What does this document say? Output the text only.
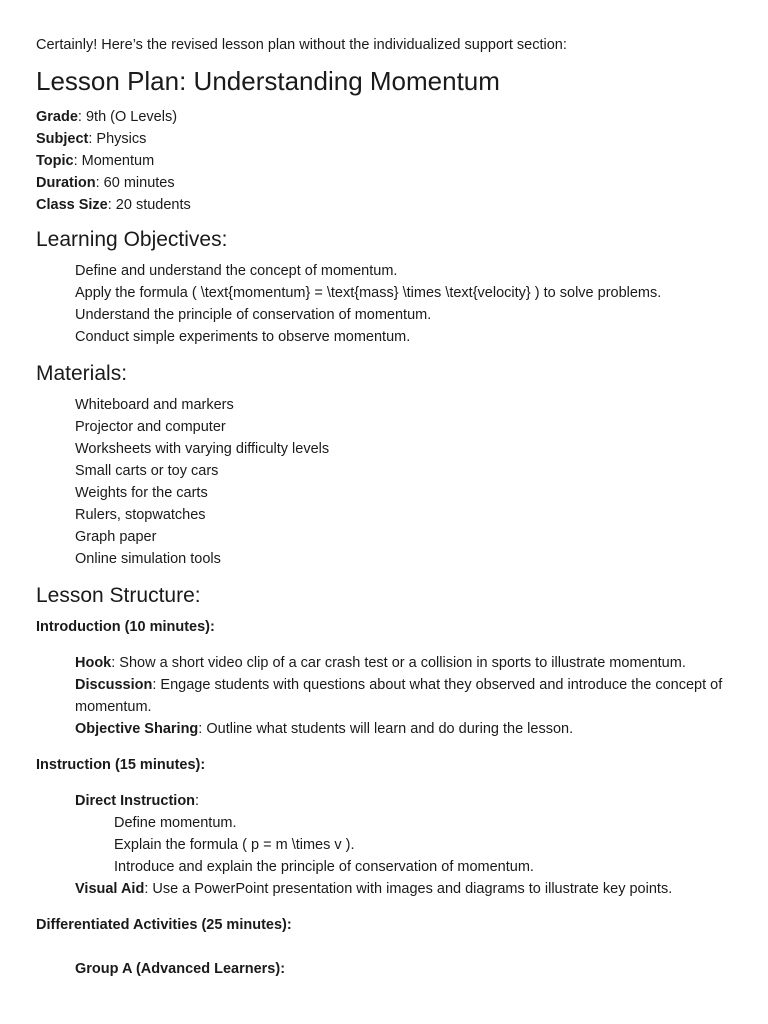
Certainly! Here’s the revised lesson plan without the individualized support section:

Lesson Plan: Understanding Momentum
Grade: 9th (O Levels)
Subject: Physics
Topic: Momentum
Duration: 60 minutes
Class Size: 20 students
Learning Objectives:
Define and understand the concept of momentum.
Apply the formula ( \text{momentum} = \text{mass} \times \text{velocity} ) to solve problems.
Understand the principle of conservation of momentum.
Conduct simple experiments to observe momentum.
Materials:
Whiteboard and markers
Projector and computer
Worksheets with varying difficulty levels
Small carts or toy cars
Weights for the carts
Rulers, stopwatches
Graph paper
Online simulation tools
Lesson Structure:
Introduction (10 minutes):
Hook: Show a short video clip of a car crash test or a collision in sports to illustrate momentum.
Discussion: Engage students with questions about what they observed and introduce the concept of momentum.
Objective Sharing: Outline what students will learn and do during the lesson.
Instruction (15 minutes):
Direct Instruction:
Define momentum.
Explain the formula ( p = m \times v ).
Introduce and explain the principle of conservation of momentum.
Visual Aid: Use a PowerPoint presentation with images and diagrams to illustrate key points.
Differentiated Activities (25 minutes):
Group A (Advanced Learners):
